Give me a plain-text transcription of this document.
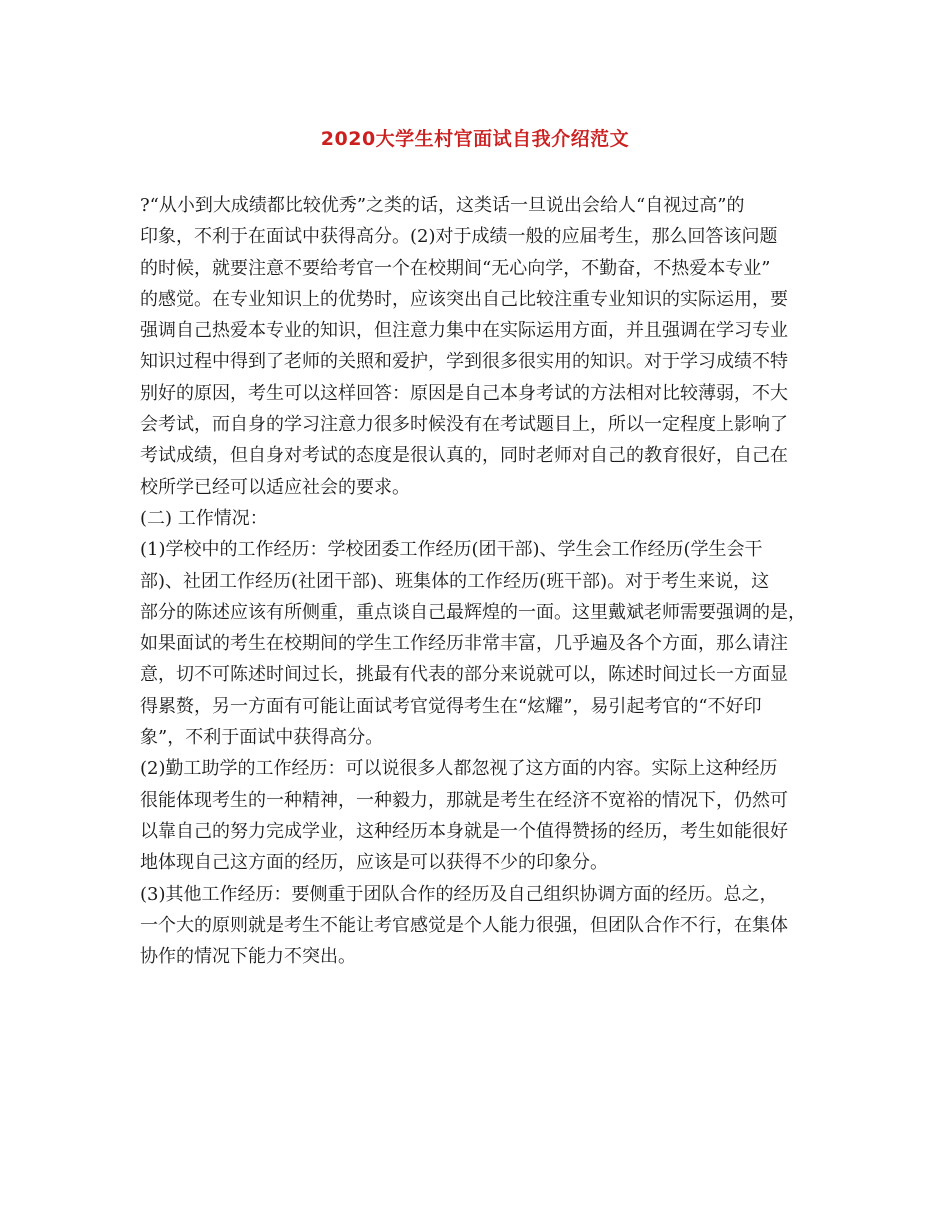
2020大学生村官面试自我介绍范文
?“从小到大成绩都比较优秀”之类的话，这类话一旦说出会给人“自视过高”的
印象，不利于在面试中获得高分。(2)对于成绩一般的应届考生，那么回答该问题
的时候，就要注意不要给考官一个在校期间“无心向学，不勤奋，不热爱本专业”
的感觉。在专业知识上的优势时，应该突出自己比较注重专业知识的实际运用，要
强调自己热爱本专业的知识，但注意力集中在实际运用方面，并且强调在学习专业
知识过程中得到了老师的关照和爱护，学到很多很实用的知识。对于学习成绩不特
别好的原因，考生可以这样回答：原因是自己本身考试的方法相对比较薄弱，不大
会考试，而自身的学习注意力很多时候没有在考试题目上，所以一定程度上影响了
考试成绩，但自身对考试的态度是很认真的，同时老师对自己的教育很好，自己在
校所学已经可以适应社会的要求。
(二) 工作情况：
(1)学校中的工作经历：学校团委工作经历(团干部)、学生会工作经历(学生会干
部)、社团工作经历(社团干部)、班集体的工作经历(班干部)。对于考生来说，这
部分的陈述应该有所侧重，重点谈自己最辉煌的一面。这里戴斌老师需要强调的是，
如果面试的考生在校期间的学生工作经历非常丰富，几乎遍及各个方面，那么请注
意，切不可陈述时间过长，挑最有代表的部分来说就可以，陈述时间过长一方面显
得累赘，另一方面有可能让面试考官觉得考生在“炫耀”，易引起考官的“不好印
象”，不利于面试中获得高分。
(2)勤工助学的工作经历：可以说很多人都忽视了这方面的内容。实际上这种经历
很能体现考生的一种精神，一种毅力，那就是考生在经济不宽裕的情况下，仍然可
以靠自己的努力完成学业，这种经历本身就是一个值得赞扬的经历，考生如能很好
地体现自己这方面的经历，应该是可以获得不少的印象分。
(3)其他工作经历：要侧重于团队合作的经历及自己组织协调方面的经历。总之，
一个大的原则就是考生不能让考官感觉是个人能力很强，但团队合作不行，在集体
协作的情况下能力不突出。
